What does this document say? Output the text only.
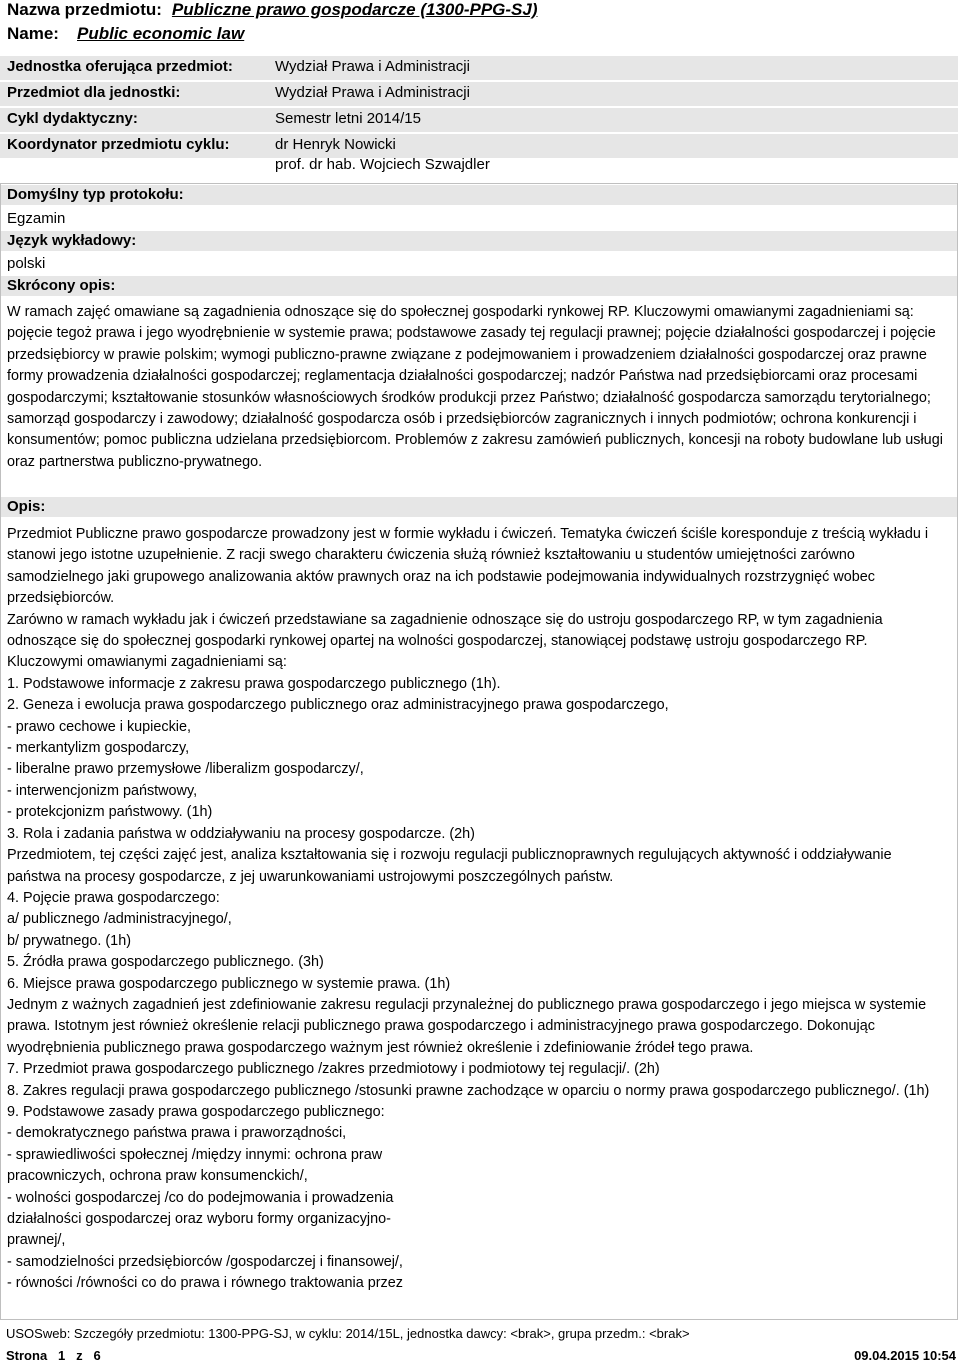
Nazwa przedmiotu: Publiczne prawo gospodarcze (1300-PPG-SJ)
Name: Public economic law
Jednostka oferująca przedmiot:	Wydział Prawa i Administracji
Przedmiot dla jednostki:	Wydział Prawa i Administracji
Cykl dydaktyczny:	Semestr letni 2014/15
Koordynator przedmiotu cyklu:	dr Henryk Nowicki
prof. dr hab. Wojciech Szwajdler
Domyślny typ protokołu:
Egzamin
Język wykładowy:
polski
Skrócony opis:

W ramach zajęć omawiane są zagadnienia odnoszące się do społecznej gospodarki rynkowej RP. Kluczowymi omawianymi zagadnieniami są: pojęcie tegoż prawa i jego wyodrębnienie w systemie prawa; podstawowe zasady tej regulacji prawnej; pojęcie działalności gospodarczej i pojęcie przedsiębiorcy w prawie polskim; wymogi publiczno-prawne związane z podejmowaniem i prowadzeniem działalności gospodarczej oraz prawne formy prowadzenia działalności gospodarczej; reglamentacja działalności gospodarczej; nadzór Państwa nad przedsiębiorcami oraz procesami gospodarczymi; kształtowanie stosunków własnościowych środków produkcji przez Państwo; działalność gospodarcza samorządu terytorialnego; samorząd gospodarczy i zawodowy; działalność gospodarcza osób i przedsiębiorców zagranicznych i innych podmiotów; ochrona konkurencji i konsumentów; pomoc publiczna udzielana przedsiębiorcom. Problemów z zakresu zamówień publicznych, koncesji na roboty budowlane lub usługi oraz partnerstwa publiczno-prywatnego.

Opis:

Przedmiot Publiczne prawo gospodarcze prowadzony jest w formie wykładu i ćwiczeń. Tematyka ćwiczeń ściśle koresponduje z treścią wykładu i stanowi jego istotne uzupełnienie. Z racji swego charakteru ćwiczenia służą również kształtowaniu u studentów umiejętności zarówno samodzielnego jaki grupowego analizowania aktów prawnych oraz na ich podstawie podejmowania indywidualnych rozstrzygnięć wobec przedsiębiorców.

Zarówno w ramach wykładu jak i ćwiczeń przedstawiane sa zagadnienie odnoszące się do ustroju gospodarczego RP, w tym zagadnienia odnoszące się do społecznej gospodarki rynkowej opartej na wolności gospodarczej, stanowiącej podstawę ustroju gospodarczego RP.

Kluczowymi omawianymi zagadnieniami są:

1. Podstawowe informacje z zakresu prawa gospodarczego publicznego (1h).

2. Geneza i ewolucja prawa gospodarczego publicznego oraz administracyjnego prawa gospodarczego,

- prawo cechowe i kupieckie,

- merkantylizm gospodarczy,

- liberalne prawo przemysłowe /liberalizm gospodarczy/,

- interwencjonizm państwowy,

- protekcjonizm państwowy. (1h)

3. Rola i zadania państwa w oddziaływaniu na procesy gospodarcze. (2h)

Przedmiotem, tej części zajęć jest, analiza kształtowania się i rozwoju regulacji publicznoprawnych regulujących aktywność i oddziaływanie państwa na procesy gospodarcze, z jej uwarunkowaniami ustrojowymi poszczególnych państw.

4. Pojęcie prawa gospodarczego:

a/ publicznego /administracyjnego/,

b/ prywatnego. (1h)

5. Źródła prawa gospodarczego publicznego. (3h)

6. Miejsce prawa gospodarczego publicznego w systemie prawa. (1h)

Jednym z ważnych zagadnień jest zdefiniowanie zakresu regulacji przynależnej do publicznego prawa gospodarczego i jego miejsca w systemie prawa. Istotnym jest również określenie relacji publicznego prawa gospodarczego i administracyjnego prawa gospodarczego. Dokonując wyodrębnienia publicznego prawa gospodarczego ważnym jest również określenie i zdefiniowanie źródeł tego prawa.

7. Przedmiot prawa gospodarczego publicznego /zakres przedmiotowy i podmiotowy tej regulacji/. (2h)

8. Zakres regulacji prawa gospodarczego publicznego /stosunki prawne zachodzące w oparciu o normy prawa gospodarczego publicznego/. (1h)

9. Podstawowe zasady prawa gospodarczego publicznego:

- demokratycznego państwa prawa i praworządności,

- sprawiedliwości społecznej /między innymi: ochrona praw

pracowniczych, ochrona praw konsumenckich/,

- wolności gospodarczej /co do podejmowania i prowadzenia

działalności gospodarczej oraz wyboru formy organizacyjno-

prawnej/,

- samodzielności przedsiębiorców /gospodarczej i finansowej/,

- równości /równości co do prawa i równego traktowania przez

USOSweb: Szczegóły przedmiotu: 1300-PPG-SJ, w cyklu: 2014/15L, jednostka dawcy: <brak>, grupa przedm.: <brak>
Strona 1 z 6	09.04.2015 10:54
